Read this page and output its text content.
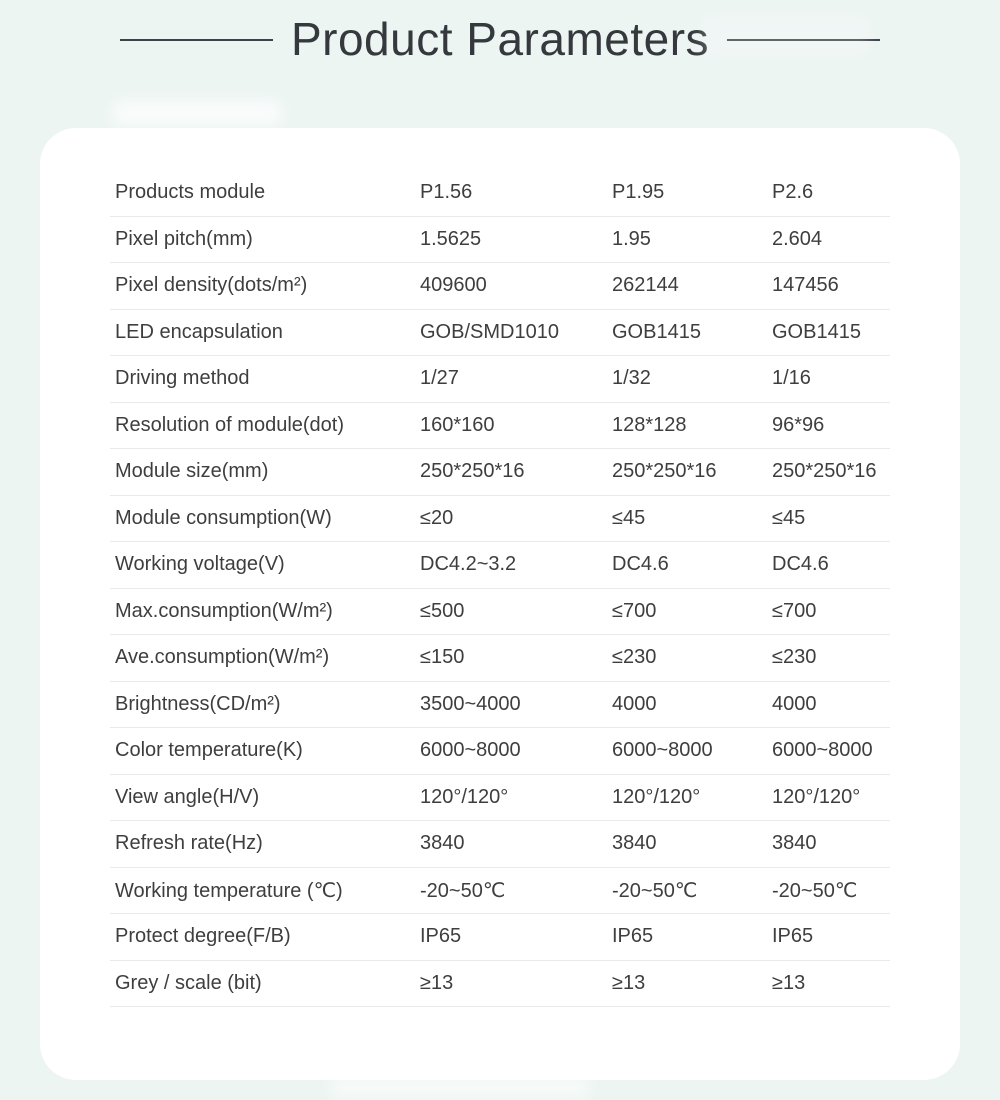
Product Parameters
Products module	P1.56	P1.95	P2.6
Pixel pitch(mm)	1.5625	1.95	2.604
Pixel density(dots/m²)	409600	262144	147456
LED encapsulation	GOB/SMD1010	GOB1415	GOB1415
Driving method	1/27	1/32	1/16
Resolution of module(dot)	160*160	128*128	96*96
Module size(mm)	250*250*16	250*250*16	250*250*16
Module consumption(W)	≤20	≤45	≤45
Working voltage(V)	DC4.2~3.2	DC4.6	DC4.6
Max.consumption(W/m²)	≤500	≤700	≤700
Ave.consumption(W/m²)	≤150	≤230	≤230
Brightness(CD/m²)	3500~4000	4000	4000
Color temperature(K)	6000~8000	6000~8000	6000~8000
View angle(H/V)	120°/120°	120°/120°	120°/120°
Refresh rate(Hz)	3840	3840	3840
Working temperature (℃)	-20~50℃	-20~50℃	-20~50℃
Protect degree(F/B)	IP65	IP65	IP65
Grey / scale (bit)	≥13	≥13	≥13
